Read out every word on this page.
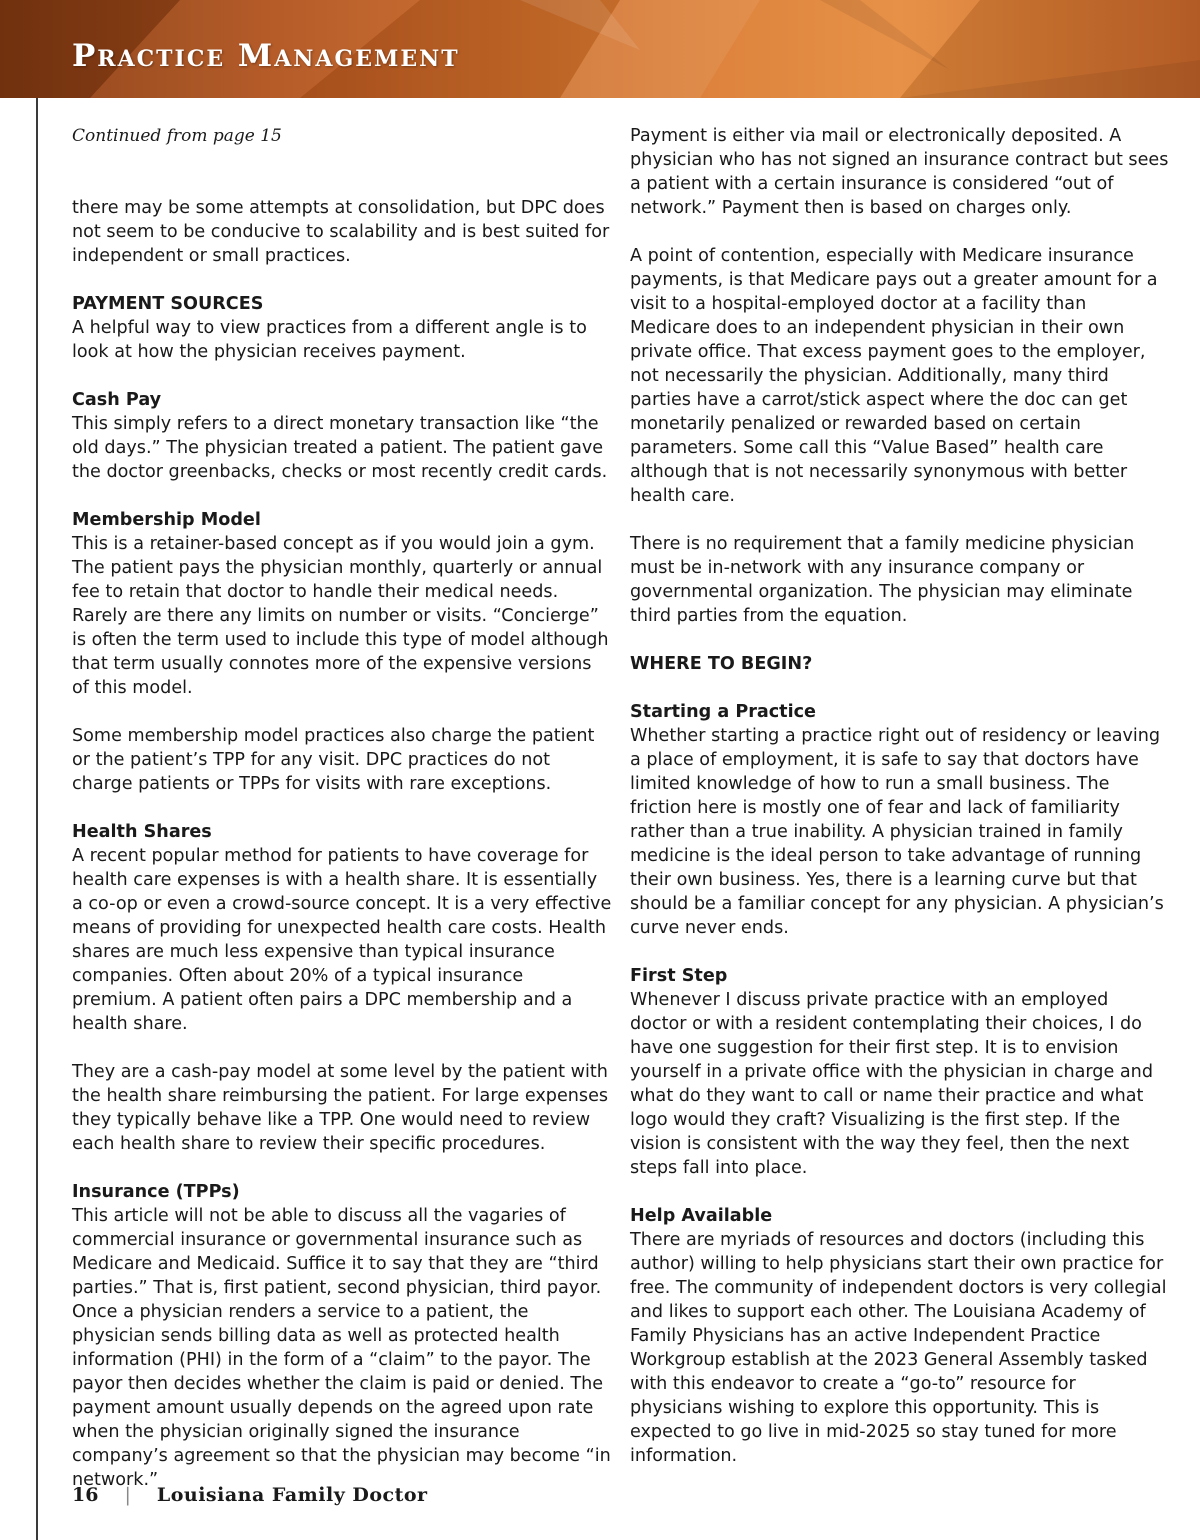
Practice Management

Continued from page 15

there may be some attempts at consolidation, but DPC does not seem to be conducive to scalability and is best suited for independent or small practices.

PAYMENT SOURCES

A helpful way to view practices from a different angle is to look at how the physician receives payment.

Cash Pay

This simply refers to a direct monetary transaction like “the old days.” The physician treated a patient. The patient gave the doctor greenbacks, checks or most recently credit cards.

Membership Model

This is a retainer-based concept as if you would join a gym. The patient pays the physician monthly, quarterly or annual fee to retain that doctor to handle their medical needs. Rarely are there any limits on number or visits. “Concierge” is often the term used to include this type of model although that term usually connotes more of the expensive versions of this model.

Some membership model practices also charge the patient or the patient’s TPP for any visit. DPC practices do not charge patients or TPPs for visits with rare exceptions.

Health Shares

A recent popular method for patients to have coverage for health care expenses is with a health share. It is essentially a co-op or even a crowd-source concept. It is a very effective means of providing for unexpected health care costs. Health shares are much less expensive than typical insurance companies. Often about 20% of a typical insurance premium. A patient often pairs a DPC membership and a health share.

They are a cash-pay model at some level by the patient with the health share reimbursing the patient. For large expenses they typically behave like a TPP. One would need to review each health share to review their specific procedures.

Insurance (TPPs)

This article will not be able to discuss all the vagaries of commercial insurance or governmental insurance such as Medicare and Medicaid. Suffice it to say that they are “third parties.” That is, first patient, second physician, third payor. Once a physician renders a service to a patient, the physician sends billing data as well as protected health information (PHI) in the form of a “claim” to the payor. The payor then decides whether the claim is paid or denied. The payment amount usually depends on the agreed upon rate when the physician originally signed the insurance company’s agreement so that the physician may become “in network.”

Payment is either via mail or electronically deposited. A physician who has not signed an insurance contract but sees a patient with a certain insurance is considered “out of network.” Payment then is based on charges only.

A point of contention, especially with Medicare insurance payments, is that Medicare pays out a greater amount for a visit to a hospital-employed doctor at a facility than Medicare does to an independent physician in their own private office. That excess payment goes to the employer, not necessarily the physician. Additionally, many third parties have a carrot/stick aspect where the doc can get monetarily penalized or rewarded based on certain parameters. Some call this “Value Based” health care although that is not necessarily synonymous with better health care.

There is no requirement that a family medicine physician must be in-network with any insurance company or governmental organization. The physician may eliminate third parties from the equation.

WHERE TO BEGIN?
Starting a Practice

Whether starting a practice right out of residency or leaving a place of employment, it is safe to say that doctors have limited knowledge of how to run a small business. The friction here is mostly one of fear and lack of familiarity rather than a true inability. A physician trained in family medicine is the ideal person to take advantage of running their own business. Yes, there is a learning curve but that should be a familiar concept for any physician. A physician’s curve never ends.

First Step

Whenever I discuss private practice with an employed doctor or with a resident contemplating their choices, I do have one suggestion for their first step. It is to envision yourself in a private office with the physician in charge and what do they want to call or name their practice and what logo would they craft? Visualizing is the first step. If the vision is consistent with the way they feel, then the next steps fall into place.

Help Available

There are myriads of resources and doctors (including this author) willing to help physicians start their own practice for free. The community of independent doctors is very collegial and likes to support each other. The Louisiana Academy of Family Physicians has an active Independent Practice Workgroup establish at the 2023 General Assembly tasked with this endeavor to create a “go-to” resource for physicians wishing to explore this opportunity. This is expected to go live in mid-2025 so stay tuned for more information.

16 | Louisiana Family Doctor
